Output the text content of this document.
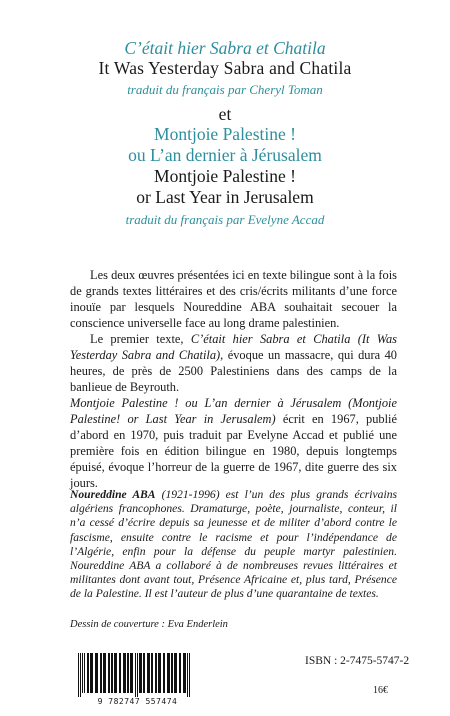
C’était hier Sabra et Chatila

It Was Yesterday Sabra and Chatila

traduit du français par Cheryl Toman

et

Montjoie Palestine !

ou L’an dernier à Jérusalem

Montjoie Palestine !

or Last Year in Jerusalem

traduit du français par Evelyne Accad

Les deux œuvres présentées ici en texte bilingue sont à la fois de grands textes littéraires et des cris/écrits militants d’une force inouïe par lesquels Noureddine ABA souhaitait secouer la conscience universelle face au long drame palestinien.

Le premier texte, C’était hier Sabra et Chatila (It Was Yesterday Sabra and Chatila), évoque un massacre, qui dura 40 heures, de près de 2500 Palestiniens dans des camps de la banlieue de Beyrouth.

Montjoie Palestine ! ou L’an dernier à Jérusalem (Montjoie Palestine! or Last Year in Jerusalem) écrit en 1967, publié d’abord en 1970, puis traduit par Evelyne Accad et publié une première fois en édition bilingue en 1980, depuis longtemps épuisé, évoque l’horreur de la guerre de 1967, dite guerre des six jours.

Noureddine ABA (1921-1996) est l’un des plus grands écrivains algériens francophones. Dramaturge, poète, journaliste, conteur, il n’a cessé d’écrire depuis sa jeunesse et de militer d’abord contre le fascisme, ensuite contre le racisme et pour l’indépendance de l’Algérie, enfin pour la défense du peuple martyr palestinien. Noureddine ABA a collaboré à de nombreuses revues littéraires et militantes dont avant tout, Présence Africaine et, plus tard, Présence de la Palestine. Il est l’auteur de plus d’une quarantaine de textes.
Dessin de couverture : Eva Enderlein
9 782747 557474
ISBN : 2-7475-5747-2
16€
